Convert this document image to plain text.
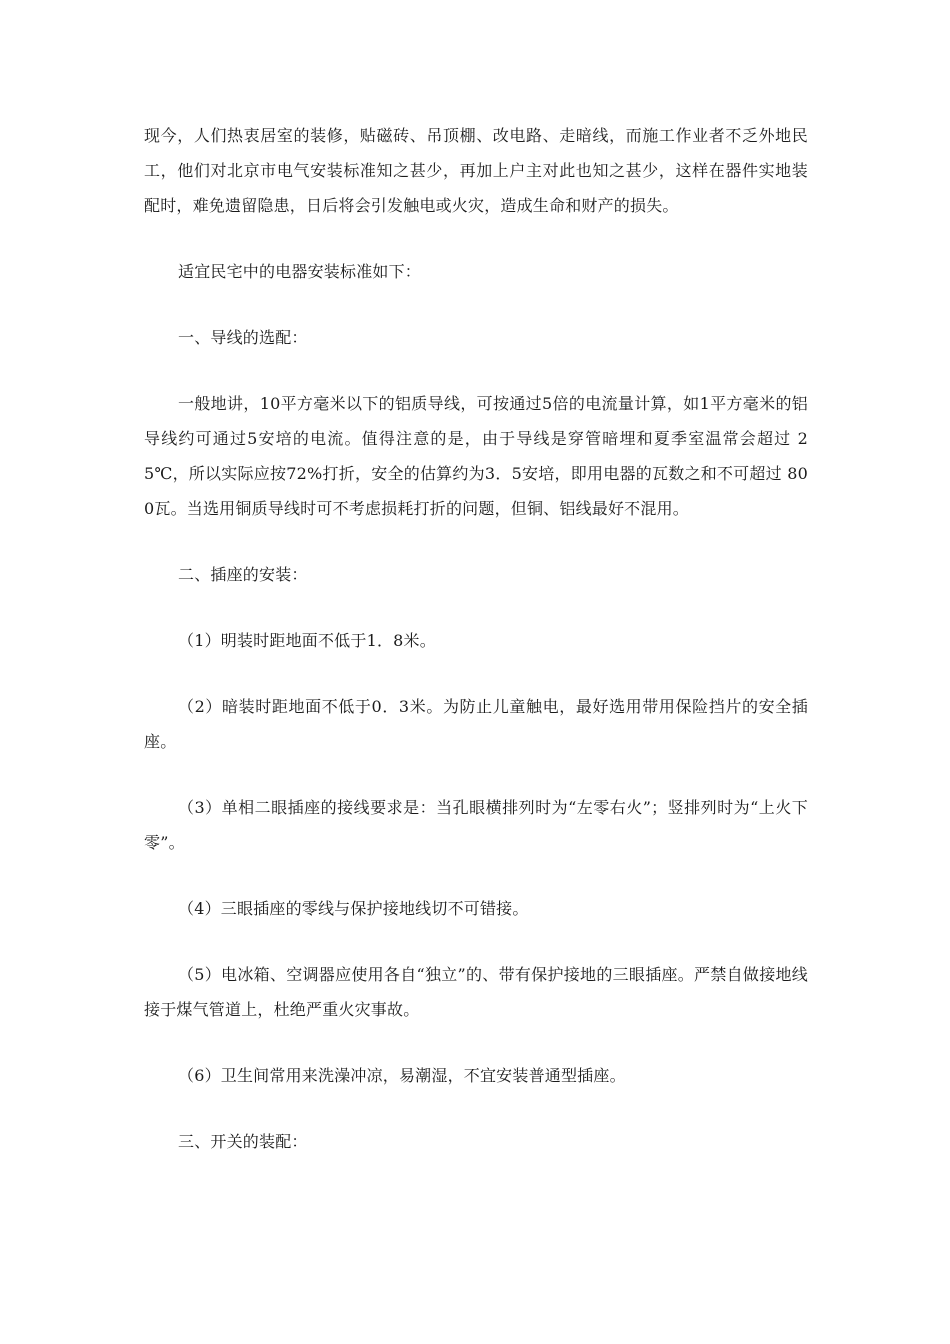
现今，人们热衷居室的装修，贴磁砖、吊顶棚、改电路、走暗线，而施工作业者不乏外地民工，他们对北京市电气安装标准知之甚少，再加上户主对此也知之甚少，这样在器件实地装配时，难免遗留隐患，日后将会引发触电或火灾，造成生命和财产的损失。

适宜民宅中的电器安装标准如下：

一、导线的选配：

一般地讲，10平方毫米以下的铝质导线，可按通过5倍的电流量计算，如1平方毫米的铝导线约可通过5安培的电流。值得注意的是，由于导线是穿管暗埋和夏季室温常会超过 25℃，所以实际应按72%打折，安全的估算约为3．5安培，即用电器的瓦数之和不可超过 800瓦。当选用铜质导线时可不考虑损耗打折的问题，但铜、铝线最好不混用。

二、插座的安装：

（1）明装时距地面不低于1．8米。

（2）暗装时距地面不低于0．3米。为防止儿童触电，最好选用带用保险挡片的安全插座。

（3）单相二眼插座的接线要求是：当孔眼横排列时为“左零右火”；竖排列时为“上火下零”。

（4）三眼插座的零线与保护接地线切不可错接。

（5）电冰箱、空调器应使用各自“独立”的、带有保护接地的三眼插座。严禁自做接地线接于煤气管道上，杜绝严重火灾事故。

（6）卫生间常用来洗澡冲凉，易潮湿，不宜安装普通型插座。

三、开关的装配：
